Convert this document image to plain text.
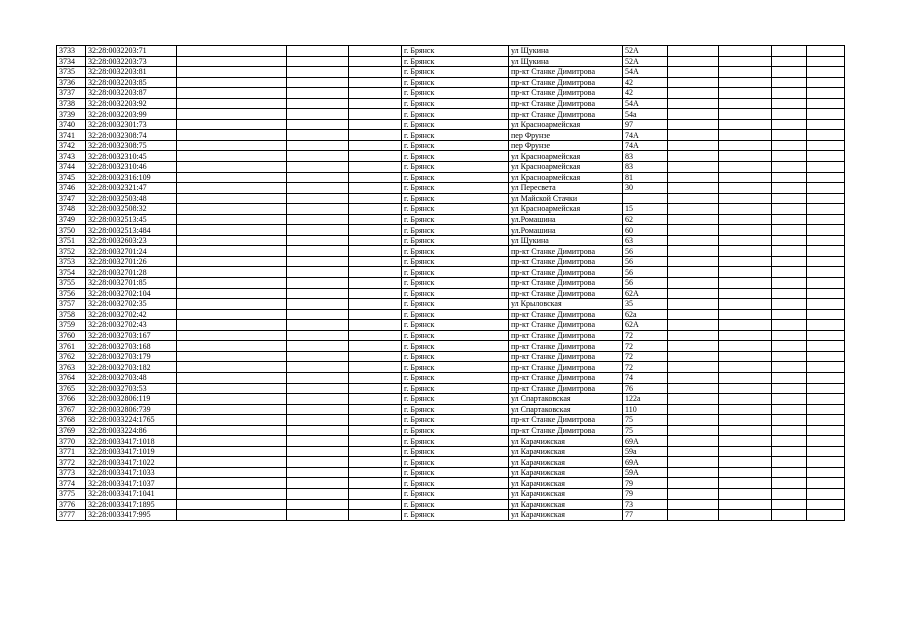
3733	32:28:0032203:71				г. Брянск	ул Щукина	52А				
3734	32:28:0032203:73				г. Брянск	ул Щукина	52А				
3735	32:28:0032203:81				г. Брянск	пр-кт Станке Димитрова	54А				
3736	32:28:0032203:85				г. Брянск	пр-кт Станке Димитрова	42				
3737	32:28:0032203:87				г. Брянск	пр-кт Станке Димитрова	42				
3738	32:28:0032203:92				г. Брянск	пр-кт Станке Димитрова	54А				
3739	32:28:0032203:99				г. Брянск	пр-кт Станке Димитрова	54а				
3740	32:28:0032301:73				г. Брянск	ул Красноармейская	97				
3741	32:28:0032308:74				г. Брянск	пер Фрунзе	74А				
3742	32:28:0032308:75				г. Брянск	пер Фрунзе	74А				
3743	32:28:0032310:45				г. Брянск	ул Красноармейская	83				
3744	32:28:0032310:46				г. Брянск	ул Красноармейская	83				
3745	32:28:0032316:109				г. Брянск	ул Красноармейская	81				
3746	32:28:0032321:47				г. Брянск	ул Пересвета	30				
3747	32:28:0032503:48				г. Брянск	ул Майской Стачки					
3748	32:28:0032508:32				г. Брянск	ул Красноармейская	15				
3749	32:28:0032513:45				г. Брянск	ул.Ромашина	62				
3750	32:28:0032513:484				г. Брянск	ул.Ромашина	60				
3751	32:28:0032603:23				г. Брянск	ул Щукина	63				
3752	32:28:0032701:24				г. Брянск	пр-кт Станке Димитрова	56				
3753	32:28:0032701:26				г. Брянск	пр-кт Станке Димитрова	56				
3754	32:28:0032701:28				г. Брянск	пр-кт Станке Димитрова	56				
3755	32:28:0032701:85				г. Брянск	пр-кт Станке Димитрова	56				
3756	32:28:0032702:104				г. Брянск	пр-кт Станке Димитрова	62А				
3757	32:28:0032702:35				г. Брянск	ул Крыловская	35				
3758	32:28:0032702:42				г. Брянск	пр-кт Станке Димитрова	62а				
3759	32:28:0032702:43				г. Брянск	пр-кт Станке Димитрова	62А				
3760	32:28:0032703:167				г. Брянск	пр-кт Станке Димитрова	72				
3761	32:28:0032703:168				г. Брянск	пр-кт Станке Димитрова	72				
3762	32:28:0032703:179				г. Брянск	пр-кт Станке Димитрова	72				
3763	32:28:0032703:182				г. Брянск	пр-кт Станке Димитрова	72				
3764	32:28:0032703:48				г. Брянск	пр-кт Станке Димитрова	74				
3765	32:28:0032703:53				г. Брянск	пр-кт Станке Димитрова	76				
3766	32:28:0032806:119				г. Брянск	ул Спартаковская	122а				
3767	32:28:0032806:739				г. Брянск	ул Спартаковская	110				
3768	32:28:0033224:1765				г. Брянск	пр-кт Станке Димитрова	75				
3769	32:28:0033224:86				г. Брянск	пр-кт Станке Димитрова	75				
3770	32:28:0033417:1018				г. Брянск	ул Карачижская	69А				
3771	32:28:0033417:1019				г. Брянск	ул Карачижская	59а				
3772	32:28:0033417:1022				г. Брянск	ул Карачижская	69А				
3773	32:28:0033417:1033				г. Брянск	ул Карачижская	59А				
3774	32:28:0033417:1037				г. Брянск	ул Карачижская	79				
3775	32:28:0033417:1041				г. Брянск	ул Карачижская	79				
3776	32:28:0033417:1895				г. Брянск	ул Карачижская	73				
3777	32:28:0033417:995				г. Брянск	ул Карачижская	77				
